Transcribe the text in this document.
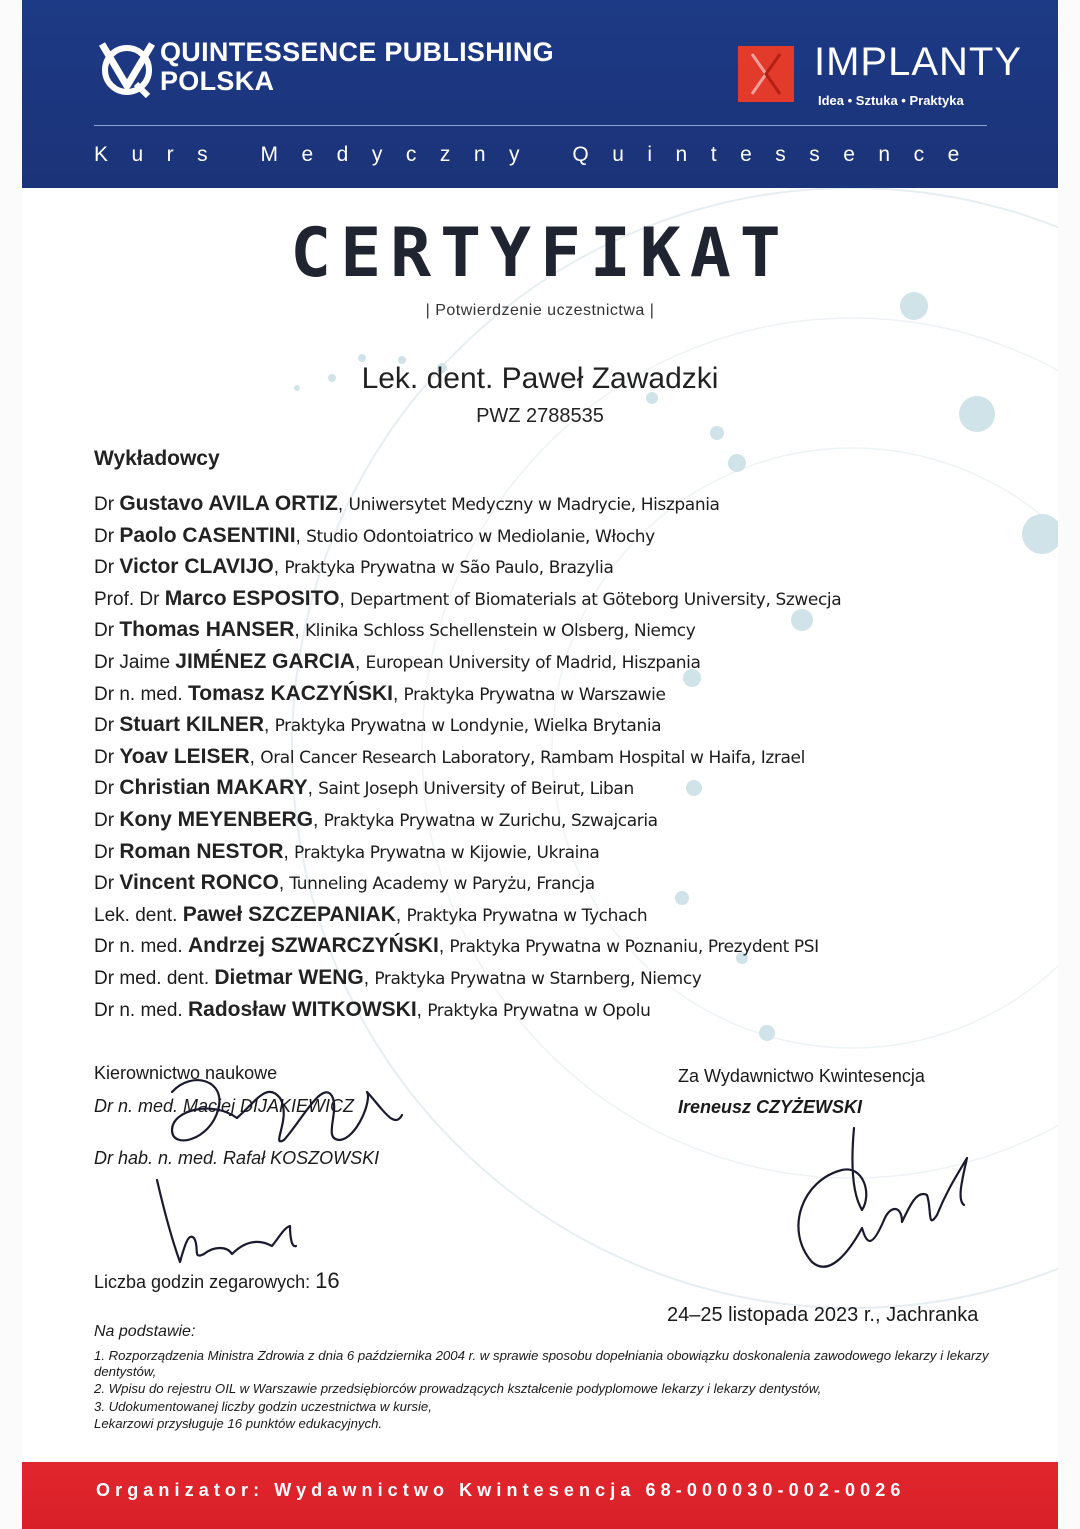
QUINTESSENCE PUBLISHING
POLSKA	IMPLANTY
Idea • Sztuka • Praktyka
Kurs Medyczny Quintessence
CERTYFIKAT
| Potwierdzenie uczestnictwa |
Lek. dent. Paweł Zawadzki
PWZ 2788535
Wykładowcy
Dr Gustavo AVILA ORTIZ, Uniwersytet Medyczny w Madrycie, Hiszpania
Dr Paolo CASENTINI, Studio Odontoiatrico w Mediolanie, Włochy
Dr Victor CLAVIJO, Praktyka Prywatna w São Paulo, Brazylia
Prof. Dr Marco ESPOSITO, Department of Biomaterials at Göteborg University, Szwecja
Dr Thomas HANSER, Klinika Schloss Schellenstein w Olsberg, Niemcy
Dr Jaime JIMÉNEZ GARCIA, European University of Madrid, Hiszpania
Dr n. med. Tomasz KACZYŃSKI, Praktyka Prywatna w Warszawie
Dr Stuart KILNER, Praktyka Prywatna w Londynie, Wielka Brytania
Dr Yoav LEISER, Oral Cancer Research Laboratory, Rambam Hospital w Haifa, Izrael
Dr Christian MAKARY, Saint Joseph University of Beirut, Liban
Dr Kony MEYENBERG, Praktyka Prywatna w Zurichu, Szwajcaria
Dr Roman NESTOR, Praktyka Prywatna w Kijowie, Ukraina
Dr Vincent RONCO, Tunneling Academy w Paryżu, Francja
Lek. dent. Paweł SZCZEPANIAK, Praktyka Prywatna w Tychach
Dr n. med. Andrzej SZWARCZYŃSKI, Praktyka Prywatna w Poznaniu, Prezydent PSI
Dr med. dent. Dietmar WENG, Praktyka Prywatna w Starnberg, Niemcy
Dr n. med. Radosław WITKOWSKI, Praktyka Prywatna w Opolu
Kierownictwo naukowe
Dr n. med. Maciej DIJAKIEWICZ
Dr hab. n. med. Rafał KOSZOWSKI
Liczba godzin zegarowych: 16
Za Wydawnictwo Kwintesencja
Ireneusz CZYŻEWSKI
24–25 listopada 2023 r., Jachranka
Na podstawie:
1. Rozporządzenia Ministra Zdrowia z dnia 6 października 2004 r. w sprawie sposobu dopełniania obowiązku doskonalenia zawodowego lekarzy i lekarzy dentystów,
2. Wpisu do rejestru OIL w Warszawie przedsiębiorców prowadzących kształcenie podyplomowe lekarzy i lekarzy dentystów,
3. Udokumentowanej liczby godzin uczestnictwa w kursie,
Lekarzowi przysługuje 16 punktów edukacyjnych.
Organizator: Wydawnictwo Kwintesencja 68-000030-002-0026
